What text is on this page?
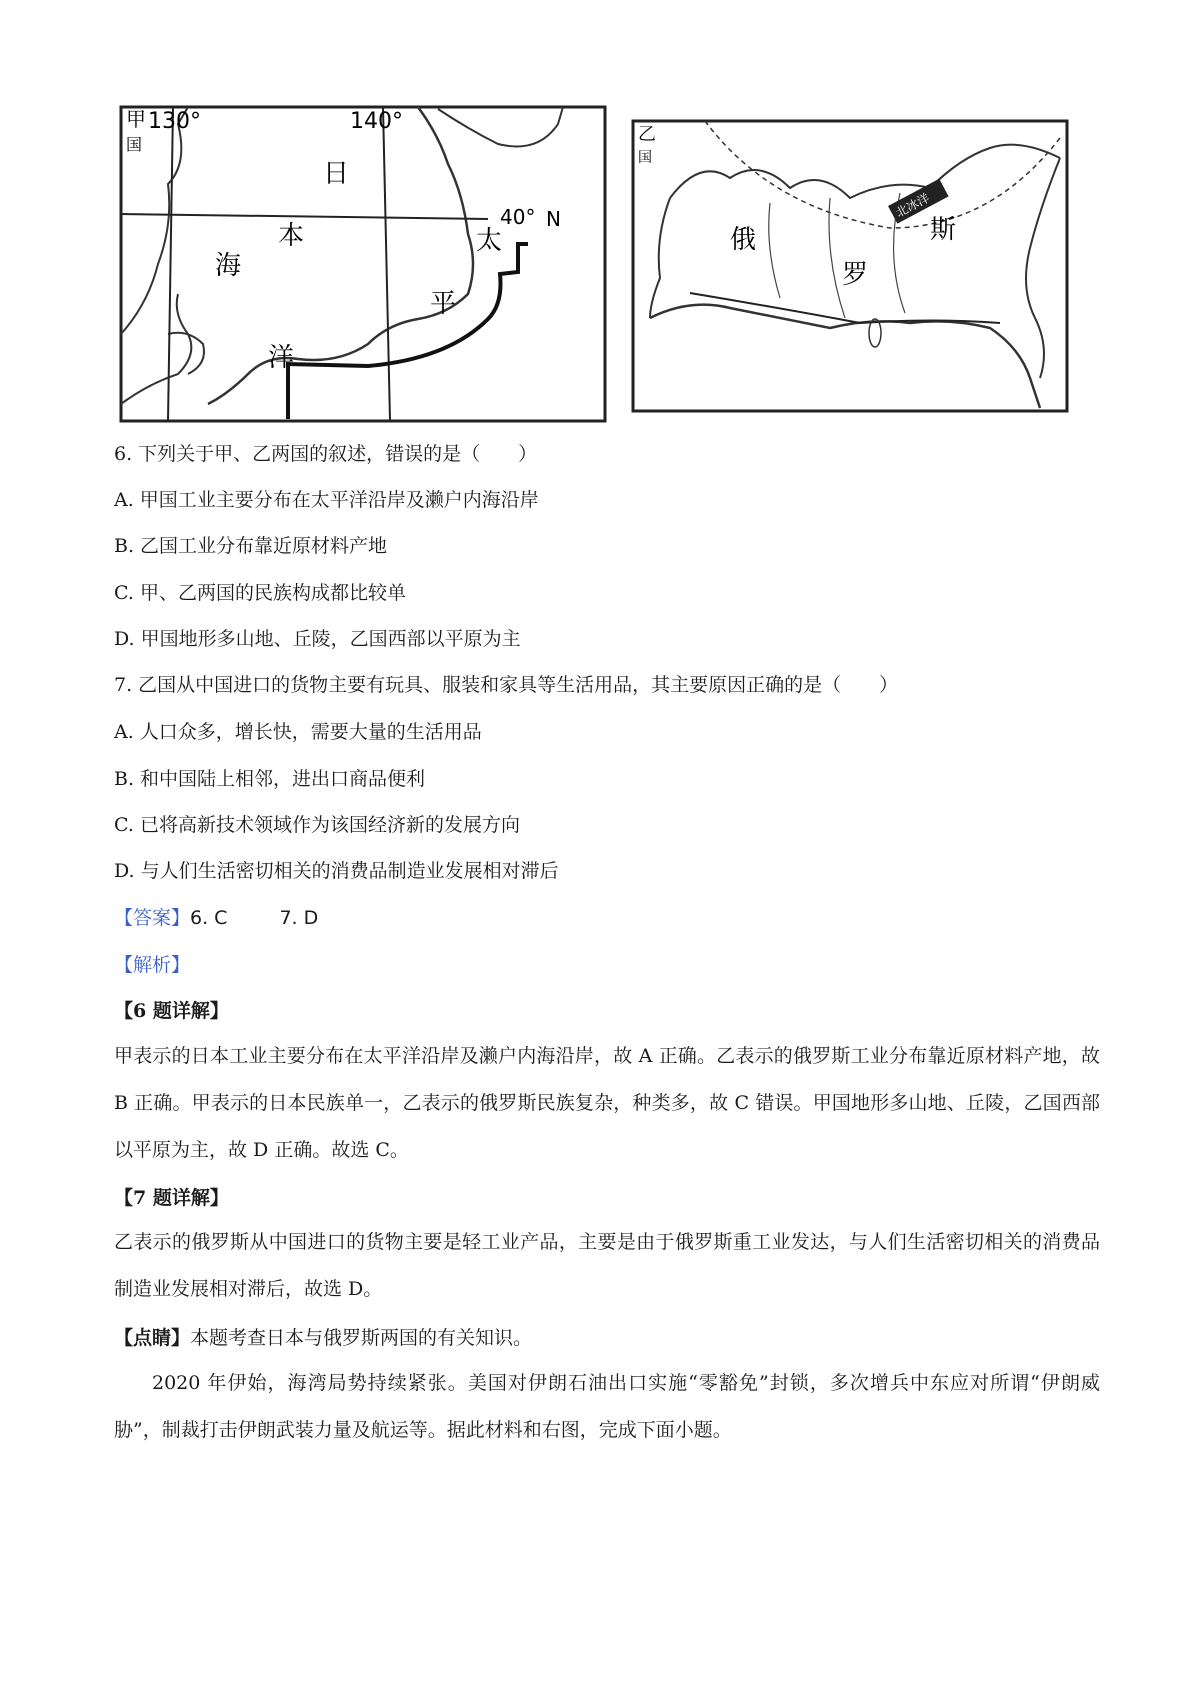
甲
国
130°	140°
40° N
日
本
海
太
平
洋
乙
国
俄
罗
斯
北冰洋
6. 下列关于甲、乙两国的叙述，错误的是（　　）
A. 甲国工业主要分布在太平洋沿岸及濑户内海沿岸
B. 乙国工业分布靠近原材料产地
C. 甲、乙两国的民族构成都比较单
D. 甲国地形多山地、丘陵，乙国西部以平原为主
7. 乙国从中国进口的货物主要有玩具、服装和家具等生活用品，其主要原因正确的是（　　）
A. 人口众多，增长快，需要大量的生活用品
B. 和中国陆上相邻，进出口商品便利
C. 已将高新技术领域作为该国经济新的发展方向
D. 与人们生活密切相关的消费品制造业发展相对滞后
【答案】6. C	7. D
【解析】
【6 题详解】
甲表示的日本工业主要分布在太平洋沿岸及濑户内海沿岸，故 A 正确。乙表示的俄罗斯工业分布靠近原材料产地，故 B 正确。甲表示的日本民族单一，乙表示的俄罗斯民族复杂，种类多，故 C 错误。甲国地形多山地、丘陵，乙国西部以平原为主，故 D 正确。故选 C。
【7 题详解】
乙表示的俄罗斯从中国进口的货物主要是轻工业产品，主要是由于俄罗斯重工业发达，与人们生活密切相关的消费品制造业发展相对滞后，故选 D。
【点睛】本题考查日本与俄罗斯两国的有关知识。
2020 年伊始，海湾局势持续紧张。美国对伊朗石油出口实施“零豁免”封锁，多次增兵中东应对所谓“伊朗威胁”，制裁打击伊朗武装力量及航运等。据此材料和右图，完成下面小题。
